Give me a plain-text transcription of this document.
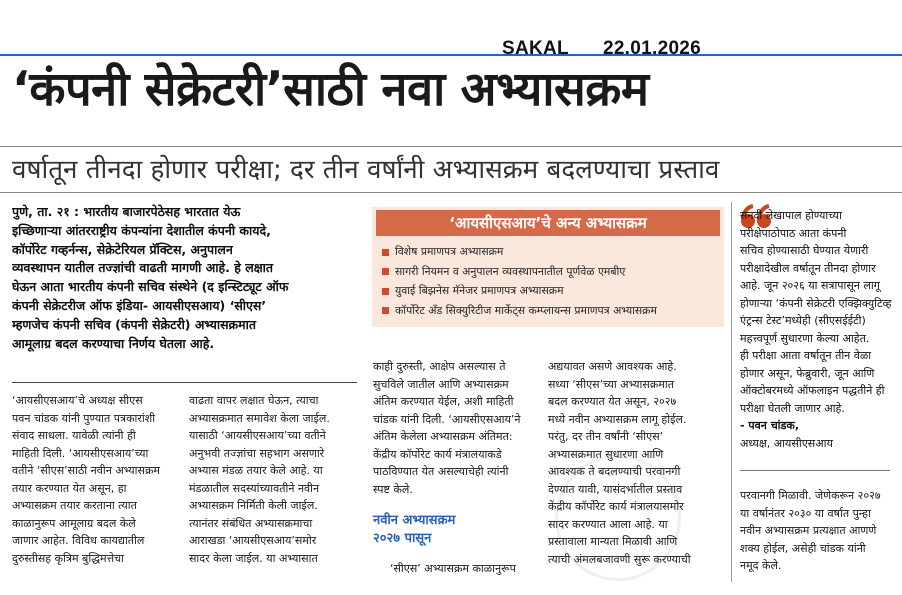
SAKAL 22.01.2026
‘कंपनी सेक्रेटरी’साठी नवा अभ्यासक्रम
वर्षातून तीनदा होणार परीक्षा; दर तीन वर्षांनी अभ्यासक्रम बदलण्याचा प्रस्ताव
पुणे, ता. २१ : भारतीय बाजारपेठेसह भारतात येऊ
इच्छिणाऱ्या आंतरराष्ट्रीय कंपन्यांना देशातील कंपनी कायदे,
कॉर्पोरेट गव्हर्नन्स, सेक्रेटेरियल प्रॅक्टिस, अनुपालन
व्यवस्थापन यातील तज्ज्ञांची वाढती मागणी आहे. हे लक्षात
घेऊन आता भारतीय कंपनी सचिव संस्थेने (द इन्स्टिट्यूट ऑफ
कंपनी सेक्रेटरीज ऑफ इंडिया- आयसीएसआय) ‘सीएस’
म्हणजेच कंपनी सचिव (कंपनी सेक्रेटरी) अभ्यासक्रमात
आमूलाग्र बदल करण्याचा निर्णय घेतला आहे.
‘आयसीएसआय’चे अन्य अभ्यासक्रम
विशेष प्रमाणपत्र अभ्यासक्रम
सागरी नियमन व अनुपालन व्यवस्थापनातील पूर्णवेळ एमबीए
युवाई बिझनेस मॅनेजर प्रमाणपत्र अभ्यासक्रम
कॉर्पोरेट अँड सिक्युरिटीज मार्केट्स कम्प्लायन्स प्रमाणपत्र अभ्यासक्रम
सनदी लेखापाल होण्याच्या
परीक्षेपाठोपाठ आता कंपनी
सचिव होण्यासाठी घेण्यात येणारी
परीक्षादेखील वर्षातून तीनदा होणार
आहे. जून २०२६ या सत्रापासून लागू
होणाऱ्या ‘कंपनी सेक्रेटरी एक्झिक्युटिव्ह
एंट्रन्स टेस्ट’मध्येही (सीएसईईटी)
महत्त्वपूर्ण सुधारणा केल्या आहेत.
ही परीक्षा आता वर्षातून तीन वेळा
होणार असून, फेब्रुवारी, जून आणि
ऑक्टोबरमध्ये ऑफलाइन पद्धतीने ही
परीक्षा घेतली जाणार आहे.
- पवन चांडक,
अध्यक्ष, आयसीएसआय
‘आयसीएसआय’चे अध्यक्ष सीएस
पवन चांडक यांनी पुण्यात पत्रकारांशी
संवाद साधला. यावेळी त्यांनी ही
माहिती दिली. ‘आयसीएसआय’च्या
वतीने ‘सीएस’साठी नवीन अभ्यासक्रम
तयार करण्यात येत असून, हा
अभ्यासक्रम तयार करताना त्यात
काळानुरूप आमूलाग्र बदल केले
जाणार आहेत. विविध कायद्यातील
दुरुस्तीसह कृत्रिम बुद्धिमत्तेचा
वाढता वापर लक्षात घेऊन, त्याचा
अभ्यासक्रमात समावेश केला जाईल.
यासाठी ‘आयसीएसआय’च्या वतीने
अनुभवी तज्ज्ञांचा सहभाग असणारे
अभ्यास मंडळ तयार केले आहे. या
मंडळातील सदस्यांच्यावतीने नवीन
अभ्यासक्रम निर्मिती केली जाईल.
त्यानंतर संबंधित अभ्यासक्रमाचा
आराखडा ‘आयसीएसआय’समोर
सादर केला जाईल. या अभ्यासात
काही दुरुस्ती, आक्षेप असल्यास ते
सुचविले जातील आणि अभ्यासक्रम
अंतिम करण्यात येईल, अशी माहिती
चांडक यांनी दिली. ‘आयसीएसआय’ने
अंतिम केलेला अभ्यासक्रम अंतिमत:
केंद्रीय कॉर्पोरेट कार्य मंत्रालयाकडे
पाठविण्यात येत असल्याचेही त्यांनी
स्पष्ट केले.
नवीन अभ्यासक्रम
२०२७ पासून
‘सीएस’ अभ्यासक्रम काळानुरूप
अद्ययावत असणे आवश्यक आहे.
सध्या ‘सीएस’च्या अभ्यासक्रमात
बदल करण्यात येत असून, २०२७
मध्ये नवीन अभ्यासक्रम लागू होईल.
परंतु, दर तीन वर्षांनी ‘सीएस’
अभ्यासक्रमात सुधारणा आणि
आवश्यक ते बदलण्याची परवानगी
देण्यात यावी, यासंदर्भातील प्रस्ताव
केंद्रीय कॉर्पोरेट कार्य मंत्रालयासमोर
सादर करण्यात आला आहे. या
प्रस्तावाला मान्यता मिळावी आणि
त्याची अंमलबजावणी सुरू करण्याची
परवानगी मिळावी. जेणेकरून २०२७
या वर्षानंतर २०३० या वर्षात पुन्हा
नवीन अभ्यासक्रम प्रत्यक्षात आणणे
शक्य होईल, असेही चांडक यांनी
नमूद केले.
